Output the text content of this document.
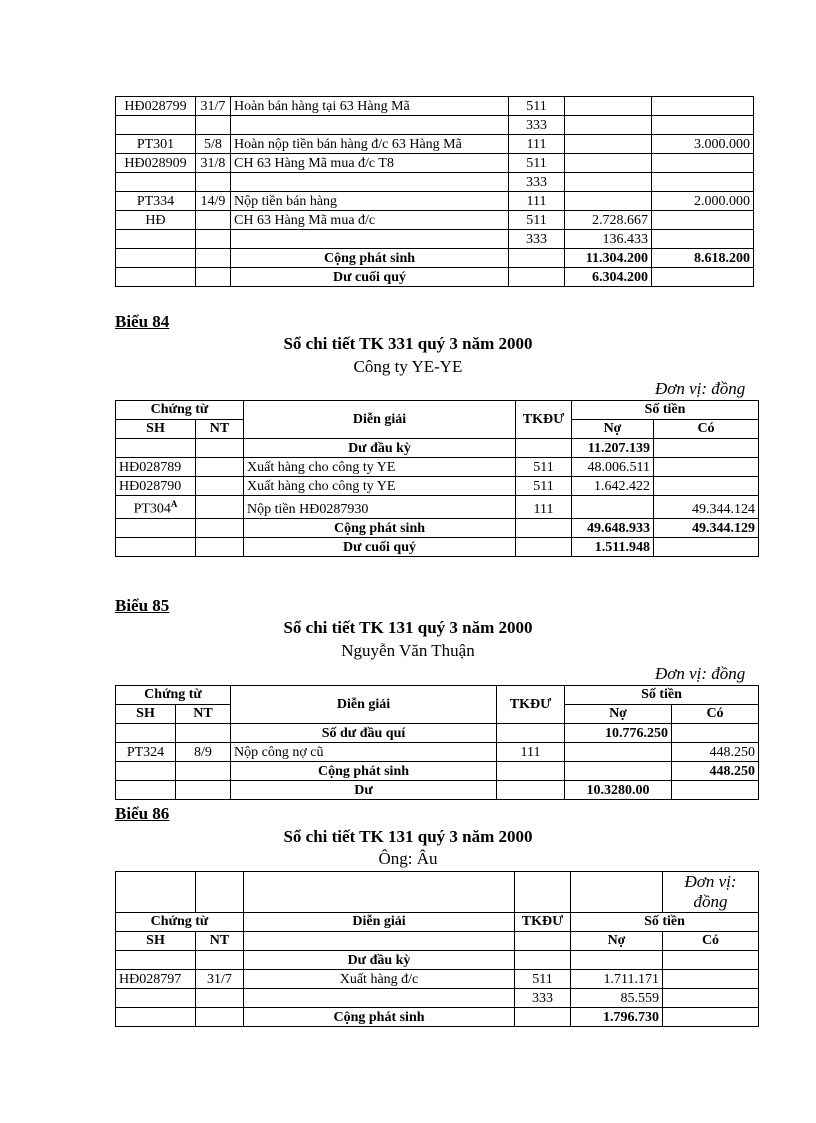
HĐ028799	31/7	Hoàn bán hàng tại 63 Hàng Mã	511		
			333		
PT301	5/8	Hoàn nộp tiền bán hàng đ/c 63 Hàng Mã	111		3.000.000
HĐ028909	31/8	CH 63 Hàng Mã mua đ/c T8	511		
			333		
PT334	14/9	Nộp tiền bán hàng	111		2.000.000
HĐ		CH 63 Hàng Mã mua đ/c	511	2.728.667	
			333	136.433	
		Cộng phát sinh		11.304.200	8.618.200
		Dư cuối quý		6.304.200	
Biểu 84
Sổ chi tiết TK 331 quý 3 năm 2000
Công ty YE-YE
Đơn vị: đồng
Chứng từ		Diễn giải	TKĐƯ	Số tiền	
SH	NT			Nợ	Có
		Dư đầu kỳ		11.207.139	
HĐ028789		Xuất hàng cho công ty YE	511	48.006.511	
HĐ028790		Xuất hàng cho công ty YE	511	1.642.422	
$PT304^A$		Nộp tiền HĐ0287930	111		49.344.124
		Cộng phát sinh		49.648.933	49.344.129
		Dư cuối quý		1.511.948	
Biểu 85
Sổ chi tiết TK 131 quý 3 năm 2000
Nguyễn Văn Thuận
Đơn vị: đồng
Chứng từ		Diễn giải	TKĐƯ	Số tiền	
SH	NT			Nợ	Có
		Số dư đầu quí		10.776.250	
PT324	8/9	Nộp công nợ cũ	111		448.250
		Cộng phát sinh			448.250
		Dư		10.3280.00	
Biểu 86
Sổ chi tiết TK 131 quý 3 năm 2000
Ông: Âu
					Đơn vị:
đồng
Chứng từ		Diễn giải	TKĐƯ	Số tiền	
SH	NT			Nợ	Có
		Dư đầu kỳ			
HĐ028797	31/7	Xuất hàng đ/c	511	1.711.171	
			333	85.559	
		Cộng phát sinh		1.796.730	
